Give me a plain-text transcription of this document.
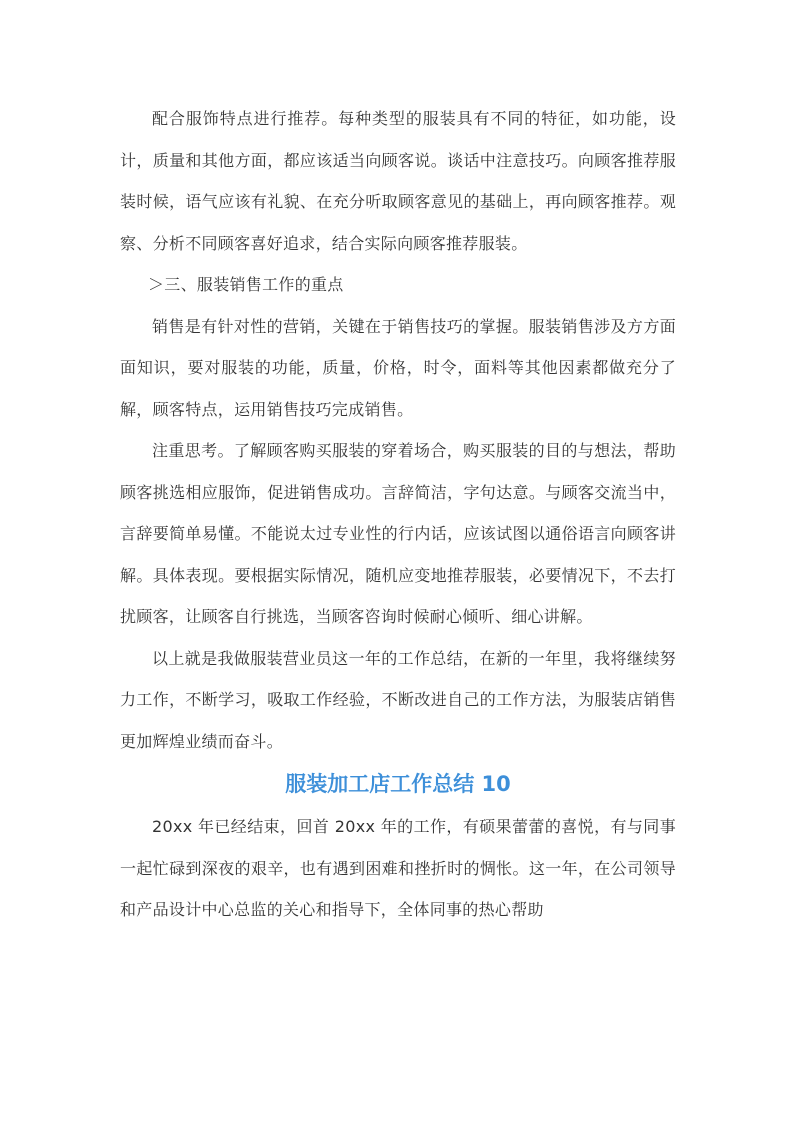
配合服饰特点进行推荐。每种类型的服装具有不同的特征，如功能，设计，质量和其他方面，都应该适当向顾客说。谈话中注意技巧。向顾客推荐服装时候，语气应该有礼貌、在充分听取顾客意见的基础上，再向顾客推荐。观察、分析不同顾客喜好追求，结合实际向顾客推荐服装。

＞三、服装销售工作的重点

销售是有针对性的营销，关键在于销售技巧的掌握。服装销售涉及方方面面知识，要对服装的功能，质量，价格，时令，面料等其他因素都做充分了解，顾客特点，运用销售技巧完成销售。

注重思考。了解顾客购买服装的穿着场合，购买服装的目的与想法，帮助顾客挑选相应服饰，促进销售成功。言辞简洁，字句达意。与顾客交流当中，言辞要简单易懂。不能说太过专业性的行内话，应该试图以通俗语言向顾客讲解。具体表现。要根据实际情况，随机应变地推荐服装，必要情况下，不去打扰顾客，让顾客自行挑选，当顾客咨询时候耐心倾听、细心讲解。

以上就是我做服装营业员这一年的工作总结，在新的一年里，我将继续努力工作，不断学习，吸取工作经验，不断改进自己的工作方法，为服装店销售更加辉煌业绩而奋斗。

服装加工店工作总结 10

20xx 年已经结束，回首 20xx 年的工作，有硕果蕾蕾的喜悦，有与同事一起忙碌到深夜的艰辛，也有遇到困难和挫折时的惆怅。这一年，在公司领导和产品设计中心总监的关心和指导下，全体同事的热心帮助
